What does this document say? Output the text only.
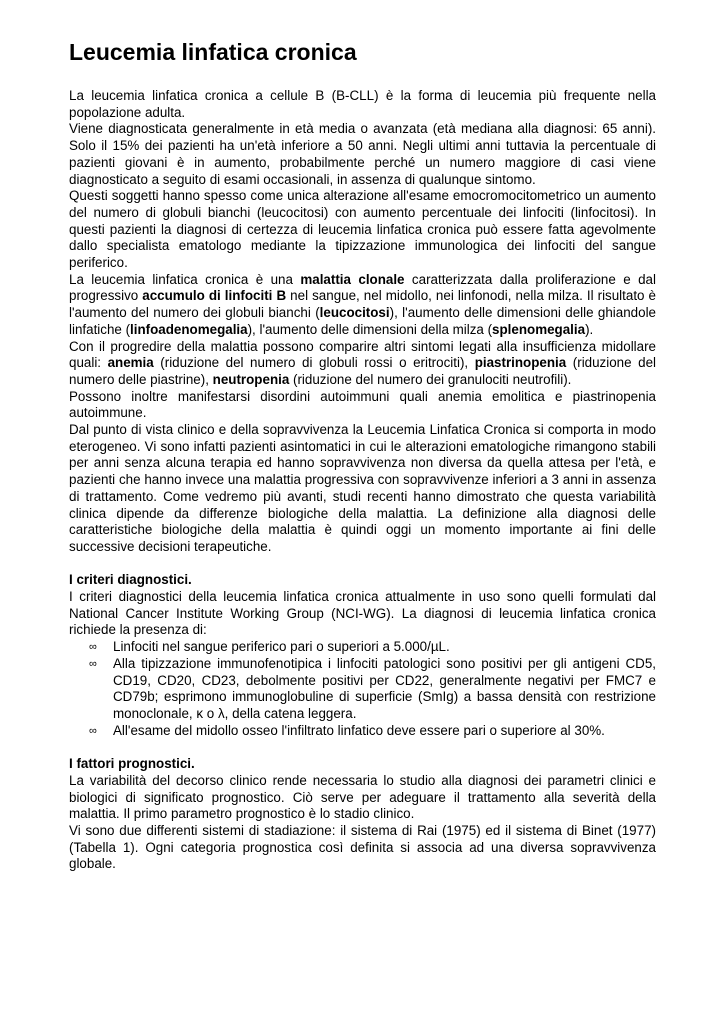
Leucemia linfatica cronica

La leucemia linfatica cronica a cellule B (B-CLL) è la forma di leucemia più frequente nella popolazione adulta.

Viene diagnosticata generalmente in età media o avanzata (età mediana alla diagnosi: 65 anni). Solo il 15% dei pazienti ha un'età inferiore a 50 anni. Negli ultimi anni tuttavia la percentuale di pazienti giovani è in aumento, probabilmente perché un numero maggiore di casi viene diagnosticato a seguito di esami occasionali, in assenza di qualunque sintomo.

Questi soggetti hanno spesso come unica alterazione all'esame emocromocitometrico un aumento del numero di globuli bianchi (leucocitosi) con aumento percentuale dei linfociti (linfocitosi). In questi pazienti la diagnosi di certezza di leucemia linfatica cronica può essere fatta agevolmente dallo specialista ematologo mediante la tipizzazione immunologica dei linfociti del sangue periferico.

La leucemia linfatica cronica è una malattia clonale caratterizzata dalla proliferazione e dal progressivo accumulo di linfociti B nel sangue, nel midollo, nei linfonodi, nella milza. Il risultato è l'aumento del numero dei globuli bianchi (leucocitosi), l'aumento delle dimensioni delle ghiandole linfatiche (linfoadenomegalia), l'aumento delle dimensioni della milza (splenomegalia).

Con il progredire della malattia possono comparire altri sintomi legati alla insufficienza midollare quali: anemia (riduzione del numero di globuli rossi o eritrociti), piastrinopenia (riduzione del numero delle piastrine), neutropenia (riduzione del numero dei granulociti neutrofili).

Possono inoltre manifestarsi disordini autoimmuni quali anemia emolitica e piastrinopenia autoimmune.

Dal punto di vista clinico e della sopravvivenza la Leucemia Linfatica Cronica si comporta in modo eterogeneo. Vi sono infatti pazienti asintomatici in cui le alterazioni ematologiche rimangono stabili per anni senza alcuna terapia ed hanno sopravvivenza non diversa da quella attesa per l'età, e pazienti che hanno invece una malattia progressiva con sopravvivenze inferiori a 3 anni in assenza di trattamento. Come vedremo più avanti, studi recenti hanno dimostrato che questa variabilità clinica dipende da differenze biologiche della malattia. La definizione alla diagnosi delle caratteristiche biologiche della malattia è quindi oggi un momento importante ai fini delle successive decisioni terapeutiche.

I criteri diagnostici.

I criteri diagnostici della leucemia linfatica cronica attualmente in uso sono quelli formulati dal National Cancer Institute Working Group (NCI-WG). La diagnosi di leucemia linfatica cronica richiede la presenza di:

∞ Linfociti nel sangue periferico pari o superiori a 5.000/µL.
∞ Alla tipizzazione immunofenotipica i linfociti patologici sono positivi per gli antigeni CD5, CD19, CD20, CD23, debolmente positivi per CD22, generalmente negativi per FMC7 e CD79b; esprimono immunoglobuline di superficie (SmIg) a bassa densità con restrizione monoclonale, κ o λ, della catena leggera.
∞ All'esame del midollo osseo l'infiltrato linfatico deve essere pari o superiore al 30%.

I fattori prognostici.

La variabilità del decorso clinico rende necessaria lo studio alla diagnosi dei parametri clinici e biologici di significato prognostico. Ciò serve per adeguare il trattamento alla severità della malattia. Il primo parametro prognostico è lo stadio clinico.

Vi sono due differenti sistemi di stadiazione: il sistema di Rai (1975) ed il sistema di Binet (1977) (Tabella 1). Ogni categoria prognostica così definita si associa ad una diversa sopravvivenza globale.
